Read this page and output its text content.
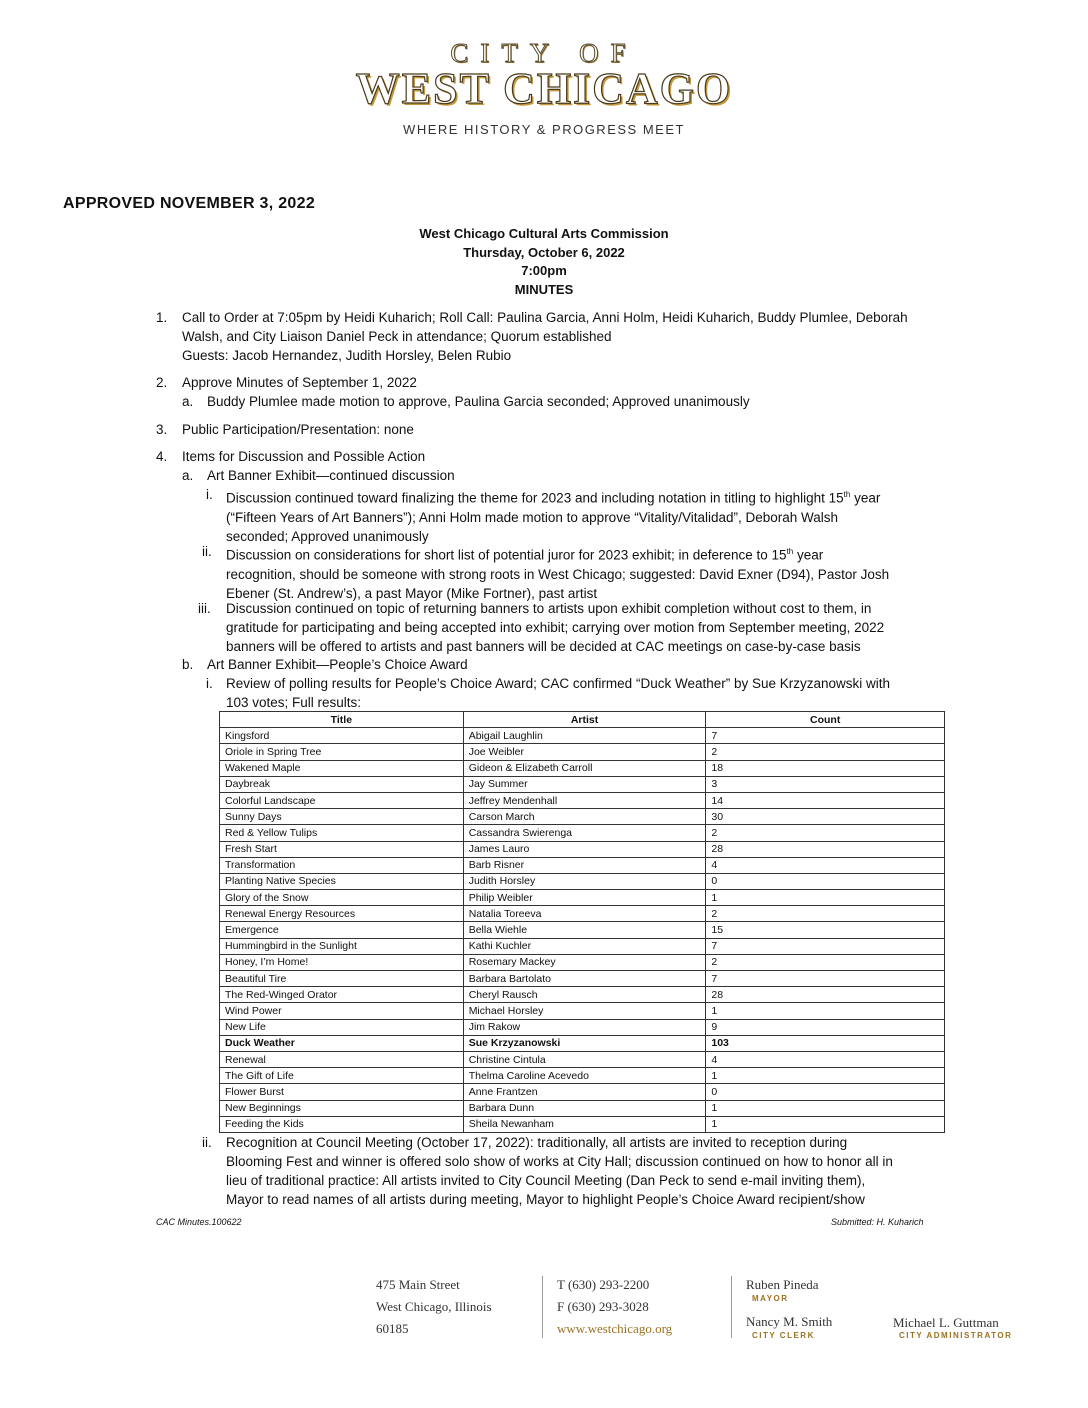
CITY OF
WEST CHICAGO
WHERE HISTORY & PROGRESS MEET
APPROVED NOVEMBER 3, 2022
West Chicago Cultural Arts Commission
Thursday, October 6, 2022
7:00pm
MINUTES
1. Call to Order at 7:05pm by Heidi Kuharich; Roll Call: Paulina Garcia, Anni Holm, Heidi Kuharich, Buddy Plumlee, Deborah
Walsh, and City Liaison Daniel Peck in attendance; Quorum established
Guests: Jacob Hernandez, Judith Horsley, Belen Rubio
2. Approve Minutes of September 1, 2022
a. Buddy Plumlee made motion to approve, Paulina Garcia seconded; Approved unanimously
3. Public Participation/Presentation: none
4. Items for Discussion and Possible Action
a. Art Banner Exhibit—continued discussion
i. Discussion continued toward finalizing the theme for 2023 and including notation in titling to highlight 15th year
(“Fifteen Years of Art Banners”); Anni Holm made motion to approve “Vitality/Vitalidad”, Deborah Walsh
seconded; Approved unanimously
ii. Discussion on considerations for short list of potential juror for 2023 exhibit; in deference to 15th year
recognition, should be someone with strong roots in West Chicago; suggested: David Exner (D94), Pastor Josh
Ebener (St. Andrew’s), a past Mayor (Mike Fortner), past artist
iii. Discussion continued on topic of returning banners to artists upon exhibit completion without cost to them, in
gratitude for participating and being accepted into exhibit; carrying over motion from September meeting, 2022
banners will be offered to artists and past banners will be decided at CAC meetings on case-by-case basis
b. Art Banner Exhibit—People’s Choice Award
i. Review of polling results for People’s Choice Award; CAC confirmed “Duck Weather” by Sue Krzyzanowski with
103 votes; Full results:
Title	Artist	Count
Kingsford	Abigail Laughlin	7
Oriole in Spring Tree	Joe Weibler	2
Wakened Maple	Gideon & Elizabeth Carroll	18
Daybreak	Jay Summer	3
Colorful Landscape	Jeffrey Mendenhall	14
Sunny Days	Carson March	30
Red & Yellow Tulips	Cassandra Swierenga	2
Fresh Start	James Lauro	28
Transformation	Barb Risner	4
Planting Native Species	Judith Horsley	0
Glory of the Snow	Philip Weibler	1
Renewal Energy Resources	Natalia Toreeva	2
Emergence	Bella Wiehle	15
Hummingbird in the Sunlight	Kathi Kuchler	7
Honey, I’m Home!	Rosemary Mackey	2
Beautiful Tire	Barbara Bartolato	7
The Red-Winged Orator	Cheryl Rausch	28
Wind Power	Michael Horsley	1
New Life	Jim Rakow	9
Duck Weather	Sue Krzyzanowski	103
Renewal	Christine Cintula	4
The Gift of Life	Thelma Caroline Acevedo	1
Flower Burst	Anne Frantzen	0
New Beginnings	Barbara Dunn	1
Feeding the Kids	Sheila Newanham	1
ii. Recognition at Council Meeting (October 17, 2022): traditionally, all artists are invited to reception during
Blooming Fest and winner is offered solo show of works at City Hall; discussion continued on how to honor all in
lieu of traditional practice: All artists invited to City Council Meeting (Dan Peck to send e-mail inviting them),
Mayor to read names of all artists during meeting, Mayor to highlight People’s Choice Award recipient/show
CAC Minutes.100622	Submitted: H. Kuharich
475 Main Street
West Chicago, Illinois
60185
T (630) 293-2200
F (630) 293-3028
www.westchicago.org
Ruben Pineda
MAYOR
Nancy M. Smith
CITY CLERK
Michael L. Guttman
CITY ADMINISTRATOR
